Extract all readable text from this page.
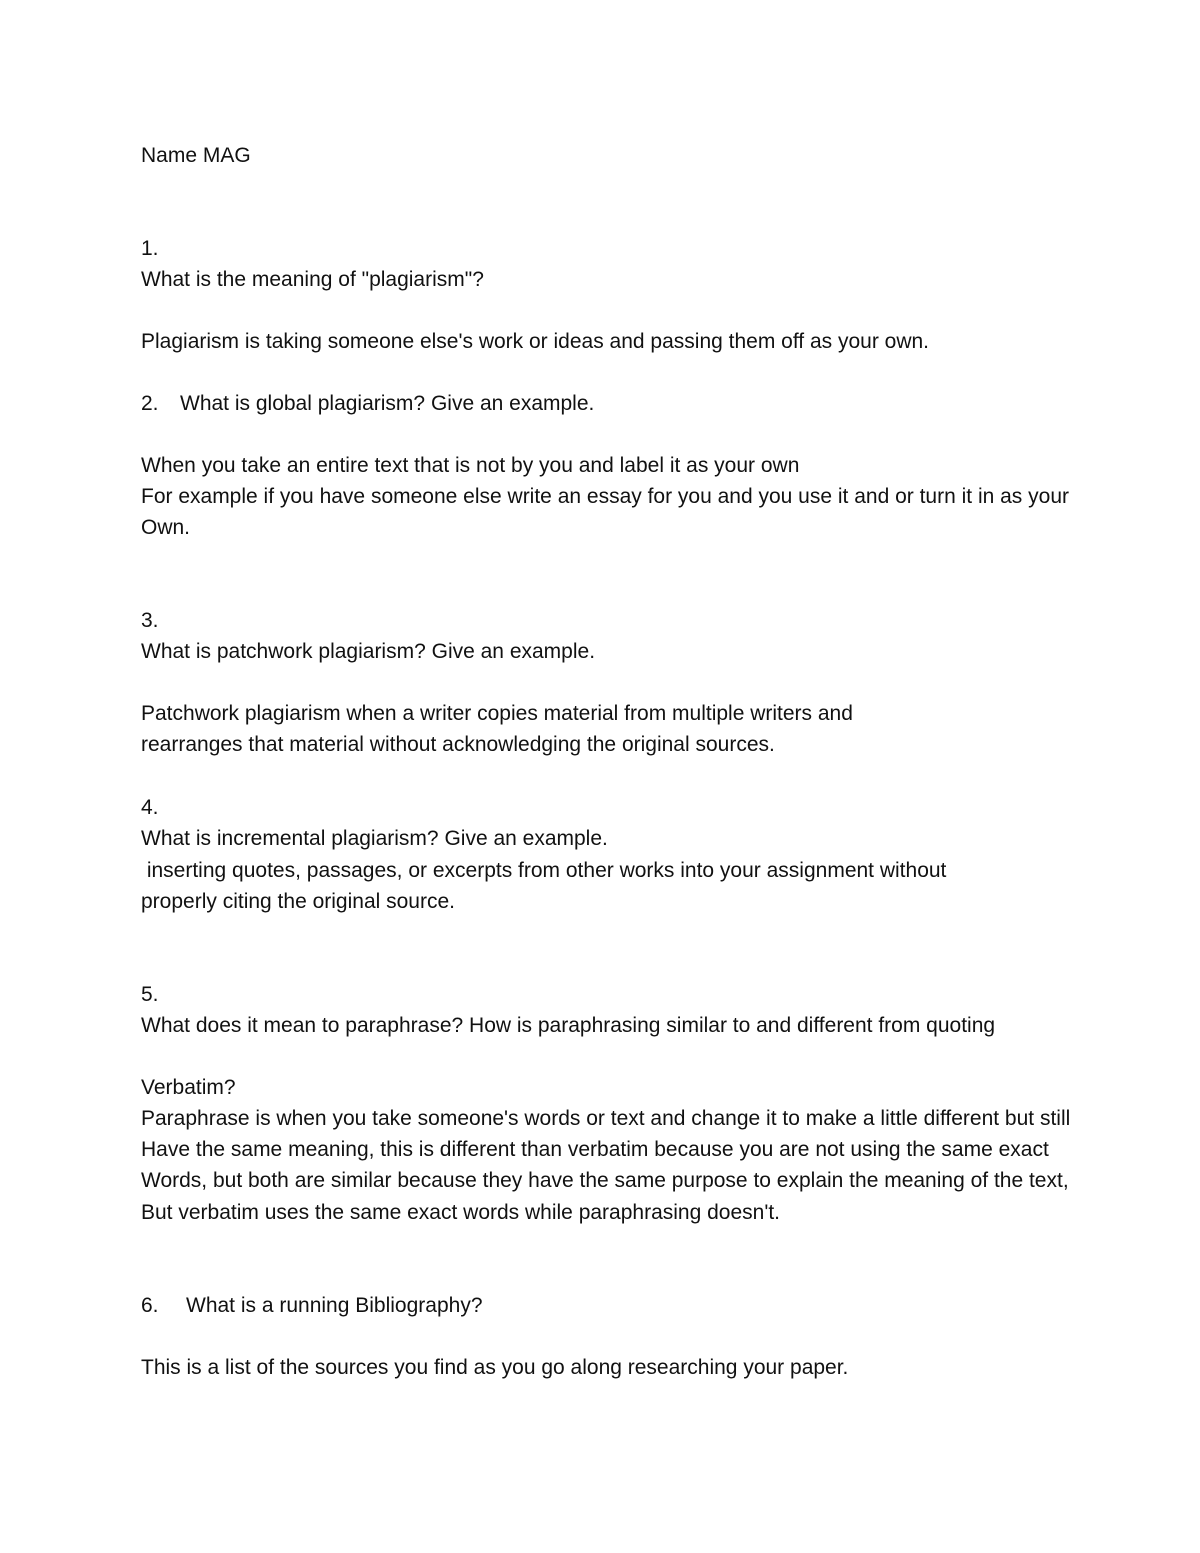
Name MAG
1.
What is the meaning of "plagiarism"?
Plagiarism is taking someone else's work or ideas and passing them off as your own.
2. What is global plagiarism? Give an example.
When you take an entire text that is not by you and label it as your own
For example if you have someone else write an essay for you and you use it and or turn it in as your
Own.
3.
What is patchwork plagiarism? Give an example.
Patchwork plagiarism when a writer copies material from multiple writers and
rearranges that material without acknowledging the original sources.
4.
What is incremental plagiarism? Give an example.
inserting quotes, passages, or excerpts from other works into your assignment without
properly citing the original source.
5.
What does it mean to paraphrase? How is paraphrasing similar to and different from quoting
Verbatim?
Paraphrase is when you take someone's words or text and change it to make a little different but still
Have the same meaning, this is different than verbatim because you are not using the same exact
Words, but both are similar because they have the same purpose to explain the meaning of the text,
But verbatim uses the same exact words while paraphrasing doesn't.
6. What is a running Bibliography?
This is a list of the sources you find as you go along researching your paper.
